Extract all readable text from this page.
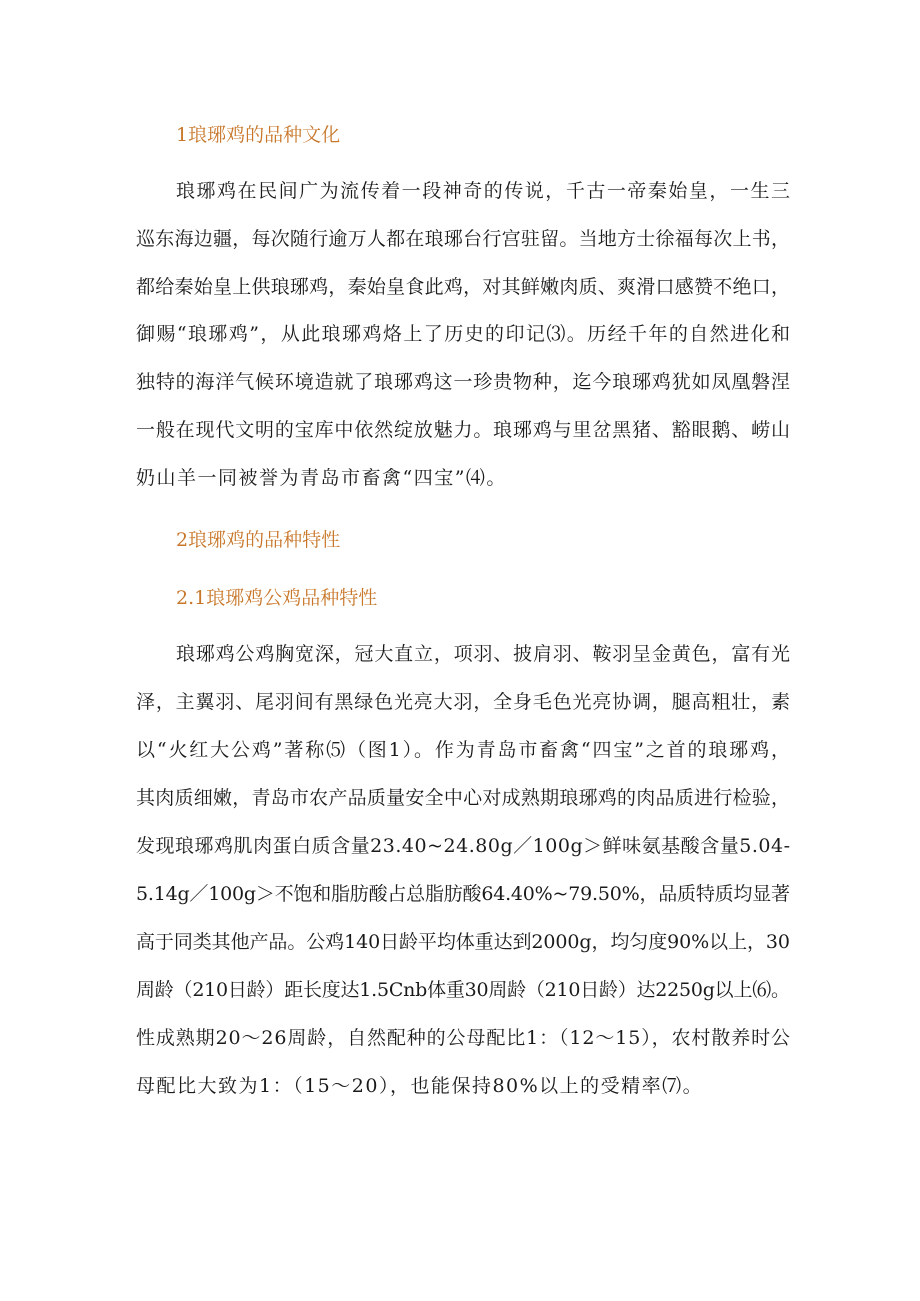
1琅琊鸡的品种文化
琅琊鸡在民间广为流传着一段神奇的传说，千古一帝秦始皇，一生三
巡东海边疆，每次随行逾万人都在琅琊台行宫驻留。当地方士徐福每次上书，
都给秦始皇上供琅琊鸡，秦始皇食此鸡，对其鲜嫩肉质、爽滑口感赞不绝口，
御赐“琅琊鸡”，从此琅琊鸡烙上了历史的印记⑶。历经千年的自然进化和
独特的海洋气候环境造就了琅琊鸡这一珍贵物种，迄今琅琊鸡犹如凤凰磐涅
一般在现代文明的宝库中依然绽放魅力。琅琊鸡与里岔黑猪、豁眼鹅、崂山
奶山羊一同被誉为青岛市畜禽“四宝”⑷。
2琅琊鸡的品种特性
2.1琅琊鸡公鸡品种特性
琅琊鸡公鸡胸宽深，冠大直立，项羽、披肩羽、鞍羽呈金黄色，富有光
泽，主翼羽、尾羽间有黑绿色光亮大羽，全身毛色光亮协调，腿高粗壮，素
以“火红大公鸡”著称⑸（图1）。作为青岛市畜禽“四宝”之首的琅琊鸡，
其肉质细嫩，青岛市农产品质量安全中心对成熟期琅琊鸡的肉品质进行检验，
发现琅琊鸡肌肉蛋白质含量23.40~24.80g／100g＞鲜味氨基酸含量5.04-
5.14g／100g＞不饱和脂肪酸占总脂肪酸64.40%~79.50%，品质特质均显著
高于同类其他产品。公鸡140日龄平均体重达到2000g，均匀度90%以上，30
周龄（210日龄）距长度达1.5Cnb体重30周龄（210日龄）达2250g以上⑹。
性成熟期20～26周龄，自然配种的公母配比1：（12～15），农村散养时公
母配比大致为1：（15～20），也能保持80%以上的受精率⑺。
